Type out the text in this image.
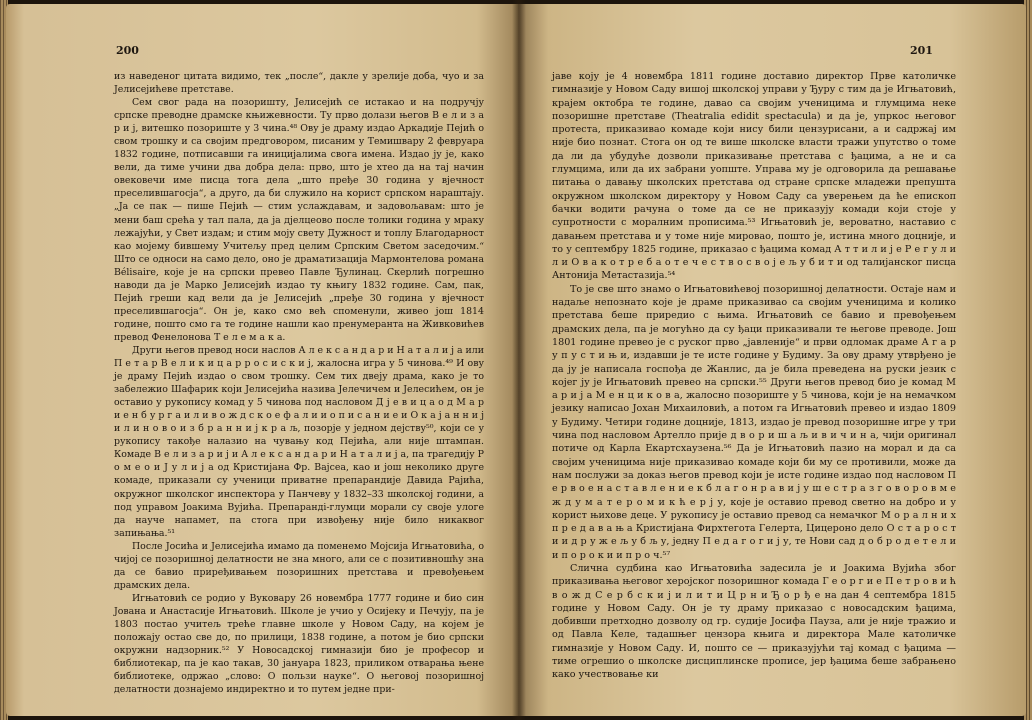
200

из наведеног цитата видимо, тек „после“, дакле у зрелије доба, чуо и за Јелисејићеве претставе.

Сем свог рада на позоришту, Јелисејић се истакао и на подручју српске преводне драмске књижевности. Ту прво долази његов В е л и з а р и ј, витешко позориште у 3 чина.⁴⁸ Ову је драму издао Аркадије Пејић о свом трошку и са својим предговором, писаним у Темишвару 2 февруара 1832 године, потписавши га иницијалима свога имена. Издао ју је, како вели, да тиме учини два добра дела: прво, што је хтео да на тај начин овековечи име писца тога дела „што пређе 30 година у вјечност преселившагосја“, а друго, да би служило на корист српском нараштају. „Ја се пак — пише Пејић — стим услаждавам, и задовољавам: што је мени баш срећа у тал пала, да ја дјелцеово после толики година у мраку лежајући, у Свет издам; и стим мојy свету Дужност и топлу Благодарност као мојему бившему Учитељу пред целим Српским Светом заседочим.“ Што се односи на само дело, оно је драматизација Мармонтелова романа Bélisaire, које је на српски превео Павле Ђулинац. Скерлић погрешно наводи да је Марко Јелисејић издао ту књигу 1832 године. Сам, пак, Пејић греши кад вели да је Јелисејић „пређе 30 година у вјечност преселившагосја“. Он је, како смо већ споменули, живео још 1814 године, пошто смо га те године нашли као пренумеранта на Живковићев превод Фенелонова Т е л е м а к а.

Други његов превод носи наслов А л е к с а н д а р и Н а т а л и ј а или П е т а р В е л и к и ц а р р о с и с к и ј, жалосна игра у 5 чинова.⁴⁹ И ову је драму Пејић издао о свом трошку. Сем тих двеју драма, како је то забележио Шафарик који Јелисејића назива Јелечичем и Јелесићем, он је оставио у рукопису комад у 5 чинова под насловом Д ј е в и ц а о д М а р и е н б у р г а и л и в о ж д с к о е ф а л и и о п и с а н и е и О к а ј а н н и ј и л и н о в о и з б р а н н и ј к р а љ, позорје у једном дејству⁵⁰, који се у рукопису такође налазио на чувању код Пејића, али није штампан. Комаде В е л и з а р и ј и А л е к с а н д а р и Н а т а л и ј а, па трагедију Р о м е о и Ј у л и ј а од Кристијана Фр. Вајсеа, као и још неколико друге комаде, приказали су ученици приватне препарандије Давида Рајића, окружног школског инспектора у Панчеву у 1832–33 школској години, а под управом Јоакима Вујића. Препарандi-глумци морали су своје улоге да науче напамет, па стога при извођењу није било никаквог запињања.⁵¹

После Јосића и Јелисејића имамо да поменемо Мојсија Игњатовића, о чијој се позоришној делатности не зна много, али се с позитивношћу зна да се бавио приређивањем позоришних претстава и превођењем драмских дела.

Игњатовић се родио у Вуковару 26 новембра 1777 године и био син Јована и Анастасије Игњатовић. Школе је учио у Осијеку и Печују, па је 1803 постао учитељ треће главне школе у Новом Саду, на којем је положају остао све до, по прилици, 1838 године, а потом је био српски окружни надзорник.⁵² У Новосадској гимназији био је професор и библиотекар, па је као такав, 30 јануара 1823, приликом отварања њене библиотеке, одржао „слово: О пользи науке“. О његовој позоришној делатности дознајемо индиректно и то путем једне при-

201

јаве коју је 4 новембра 1811 године доставио директор Прве католичке гимназије у Новом Саду вишој школској управи у Ђуру с тим да је Игњатовић, крајем октобра те године, давао са својим ученицима и глумцима неке позоришне претставе (Theatralia edidit spectacula) и да је, упркос његовог протеста, приказивао комаде који нису били цензурисани, а и садржај им није био познат. Стога он од те више школске власти тражи упутство о томе да ли да убудуће дозволи приказивање претстава с ђацима, а не и са глумцима, или да их забрани уопште. Управа му је одговорила да решавање питања о давању школских претстава од стране српске младежи препушта окружном школском директору у Новом Саду са уверењем да ће епископ бачки водити рачуна о томе да се не приказују комади који стоје у супротности с моралним прописима.⁵³ Игњатовић је, вероватно, наставио с давањем претстава и у томе није мировао, пошто је, истина много доцније, и то у септембру 1825 године, приказао с ђацима комад А т т и л и ј е Р е г у л и л и О в а к о т р е б а о т е ч е с т в о с в о ј е љ у б и т и од талијанског писца Антонија Метастазија.⁵⁴

То је све што знамо о Игњатовићевој позоришној делатности. Остаје нам и надаље непознато које је драме приказивао са својим ученицима и колико претстава беше приредио с њима. Игњатовић се бавио и превођењем драмских дела, па је могућно да су ђаци приказивали те његове преводе. Још 1801 године превео је с руског прво „јавленије“ и први одломак драме А г а р у п у с т и њ и, издавши је те исте године у Будиму. За ову драму утврђено је да ју је написала госпођа де Жанлис, да је била преведена на руски језик с којег ју је Игњатовић превео на српски.⁵⁵ Други његов превод био је комад М а р и ј а М е н ц и к о в а, жалосно позориште у 5 чинова, који је на немачком језику написао Јохан Михаиловић, а потом га Игњатовић превео и издао 1809 у Будиму. Четири године доцније, 1813, издао је превод позоришне игре у три чина под насловом Артелло прије д в о р и ш а љ и в и ч и н а, чији оригинал потиче од Карла Екартсхаузена.⁵⁶ Да је Игњатовић пазио на морал и да са својим ученицима није приказивао комаде који би му се противили, може да нам послужи за доказ његов превод који је исте године издао под насловом П е р в о е н а с т а в л е н и е к б л а г о н р а в и ј у ш е с т р а з г о в о р о в м е ж д у м а т е р о м и к ћ е р ј у, које је оставио превод светно на добро и у корист њихове деце. У рукопису је оставио превод са немачког М о р а л н и х п р е д а в а њ а Кристијана Фирхтегота Гелерта, Цицероно дело О с т а р о с т и и д р у ж е љ у б љ у, једну П е д а г о г и ј у, те Нови сад д о б р о д е т е л и и п о р о к и и п р о ч.⁵⁷

Слична судбина као Игњатовића задесила је и Јоакима Вујића због приказивања његовог херојског позоришног комада Г е о р г и е П е т р о в и ћ в о ж д С е р б с к и ј и л и т и Ц р н и Ђ о р ђ е на дан 4 септембра 1815 године у Новом Саду. Он је ту драму приказао с новосадским ђацима, добивши претходно дозволу од гр. судије Јосифа Пауза, али је није тражио и од Павла Келе, тадашњег цензора књига и директора Мале католичке гимназије у Новом Саду. И, пошто се — приказујући тај комад с ђацима — тиме огрешио о школске дисциплинске прописе, јер ђацима беше забрањено како учествовање ки
